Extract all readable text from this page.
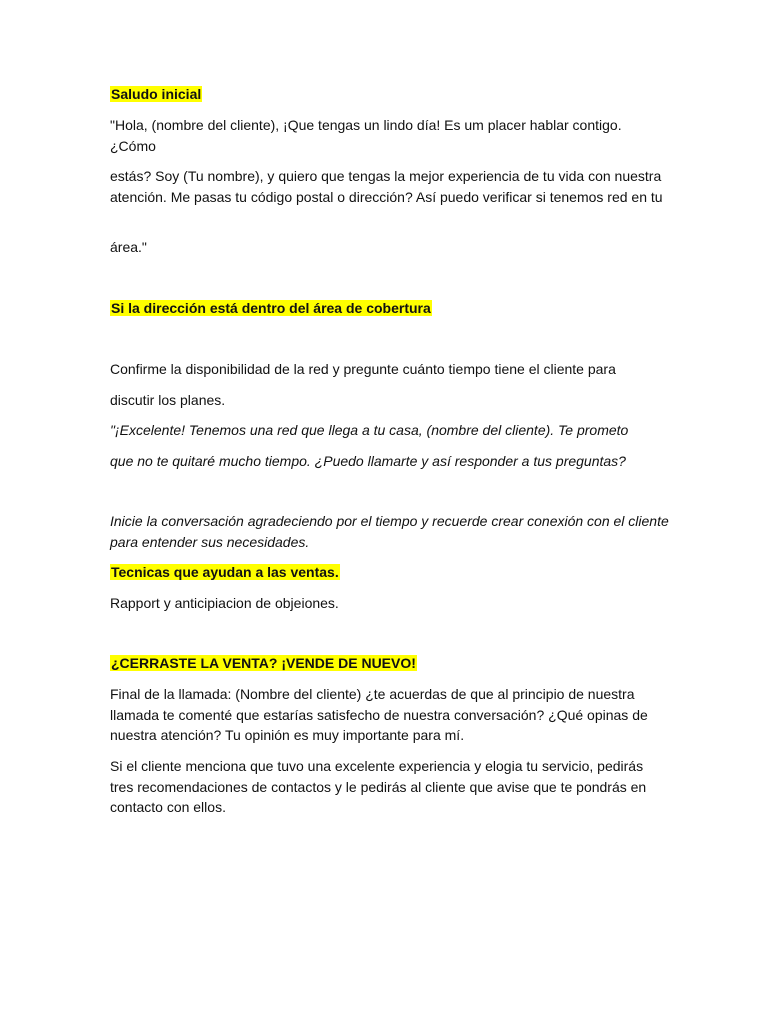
Saludo inicial
"Hola, (nombre del cliente), ¡Que tengas un lindo día! Es um placer hablar contigo. ¿Cómo
estás? Soy (Tu nombre), y quiero que tengas la mejor experiencia de tu vida con nuestra atención. Me pasas tu código postal o dirección? Así puedo verificar si tenemos red en tu
área."
Si la dirección está dentro del área de cobertura
Confirme la disponibilidad de la red y pregunte cuánto tiempo tiene el cliente para
discutir los planes.
"¡Excelente! Tenemos una red que llega a tu casa, (nombre del cliente). Te prometo
que no te quitaré mucho tiempo. ¿Puedo llamarte y así responder a tus preguntas?
Inicie la conversación agradeciendo por el tiempo y recuerde crear conexión con el cliente para entender sus necesidades.
Tecnicas que ayudan a las ventas.
Rapport y anticipiacion de objeiones.
¿CERRASTE LA VENTA? ¡VENDE DE NUEVO!
Final de la llamada: (Nombre del cliente) ¿te acuerdas de que al principio de nuestra llamada te comenté que estarías satisfecho de nuestra conversación? ¿Qué opinas de nuestra atención? Tu opinión es muy importante para mí.
Si el cliente menciona que tuvo una excelente experiencia y elogia tu servicio, pedirás tres recomendaciones de contactos y le pedirás al cliente que avise que te pondrás en contacto con ellos.
